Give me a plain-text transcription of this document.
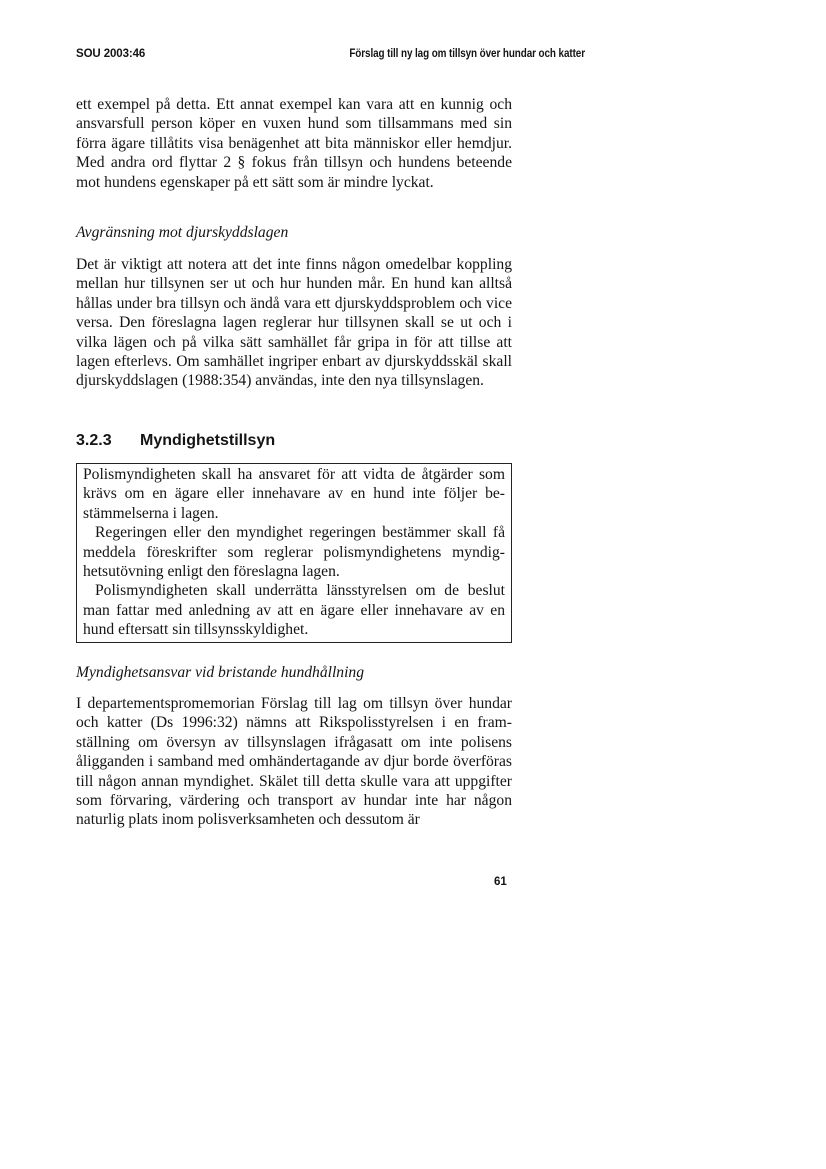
SOU 2003:46	Förslag till ny lag om tillsyn över hundar och katter

ett exempel på detta. Ett annat exempel kan vara att en kunnig och ansvarsfull person köper en vuxen hund som tillsammans med sin förra ägare tillåtits visa benägenhet att bita människor eller hemdjur. Med andra ord flyttar 2 § fokus från tillsyn och hundens beteende mot hundens egenskaper på ett sätt som är mindre lyckat.

Avgränsning mot djurskyddslagen

Det är viktigt att notera att det inte finns någon omedelbar koppling mellan hur tillsynen ser ut och hur hunden mår. En hund kan alltså hållas under bra tillsyn och ändå vara ett djurskyddsproblem och vice versa. Den föreslagna lagen reglerar hur tillsynen skall se ut och i vilka lägen och på vilka sätt samhället får gripa in för att tillse att lagen efterlevs. Om samhället ingriper enbart av djurskyddsskäl skall djurskyddslagen (1988:354) användas, inte den nya tillsynslagen.

3.2.3 Myndighetstillsyn

Polismyndigheten skall ha ansvaret för att vidta de åtgärder som krävs om en ägare eller innehavare av en hund inte följer bestämmelserna i lagen.

Regeringen eller den myndighet regeringen bestämmer skall få meddela föreskrifter som reglerar polismyndighetens myndighetsutövning enligt den föreslagna lagen.

Polismyndigheten skall underrätta länsstyrelsen om de beslut man fattar med anledning av att en ägare eller innehavare av en hund eftersatt sin tillsynsskyldighet.

Myndighetsansvar vid bristande hundhållning

I departementspromemorian Förslag till lag om tillsyn över hundar och katter (Ds 1996:32) nämns att Rikspolisstyrelsen i en framställning om översyn av tillsynslagen ifrågasatt om inte polisens åligganden i samband med omhändertagande av djur borde överföras till någon annan myndighet. Skälet till detta skulle vara att uppgifter som förvaring, värdering och transport av hundar inte har någon naturlig plats inom polisverksamheten och dessutom är

61
